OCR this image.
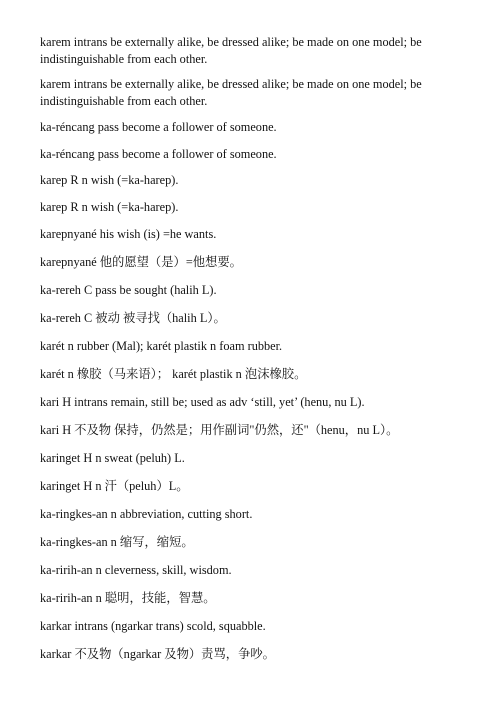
karem intrans be externally alike, be dressed alike; be made on one model; be indistinguishable from each other.

karem intrans be externally alike, be dressed alike; be made on one model; be indistinguishable from each other.

ka-réncang pass become a follower of someone.

ka-réncang pass become a follower of someone.

karep R n wish (=ka-harep).

karep R n wish (=ka-harep).

karepnyané his wish (is) =he wants.

karepnyané 他的愿望（是）=他想要。

ka-rereh C pass be sought (halih L).

ka-rereh C 被动 被寻找（halih L）。

karét n rubber (Mal); karét plastik n foam rubber.

karét n 橡胶（马来语）； karét plastik n 泡沫橡胶。

kari H intrans remain, still be; used as adv ‘still, yet’ (henu, nu L).

kari H 不及物 保持，仍然是；用作副词"仍然，还"（henu，nu L）。

karinget H n sweat (peluh) L.

karinget H n 汗（peluh）L。

ka-ringkes-an n abbreviation, cutting short.

ka-ringkes-an n 缩写，缩短。

ka-ririh-an n cleverness, skill, wisdom.

ka-ririh-an n 聪明，技能，智慧。

karkar intrans (ngarkar trans) scold, squabble.

karkar 不及物（ngarkar 及物）责骂，争吵。
